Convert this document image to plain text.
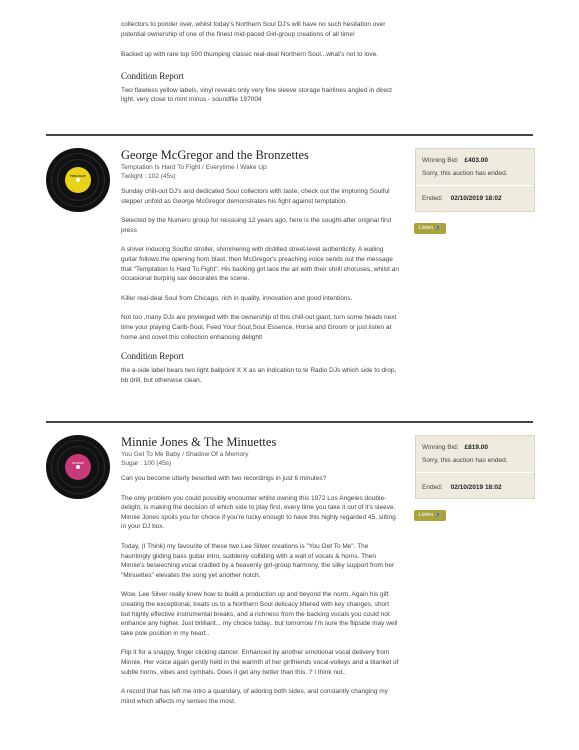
collectors to ponder over, whilst today's Northern Soul DJ's will have no such hesitation over potential ownership of one of the finest mid-paced Girl-group creations of all time!

Backed up with rare top 500 thumping classic real-deal Northern Soul...what's not to love.

Condition Report

Two flawless yellow labels, vinyl reveals only very fine sleeve storage hairlines angled in direct light. very close to mint minus - soundfile 197004

TWILIGHT
George McGregor and the Bronzettes

Temptation Is Hard To Fight / Everytime I Wake Up

Twilight : 102 (45s)

Sunday chill-out DJ's and dedicated Soul collectors with taste, check out the imploring Soulful stepper unfold as George McGregor demonstrates his fight against temptation.

Selected by the Numero group for reissuing 12 years ago, here is the sought-after original first press

A shiver inducing Soulful stroller, shimmering with distilled street-level authenticity. A wailing guitar follows the opening horn blast, then McGregor's preaching voice sends out the message that "Temptation Is Hard To Fight". His backing girl lace the air with their shrill choruses, whilst an occasional burping sax decorates the scene.

Killer real-deal Soul from Chicago, rich in quality, innovation and good intentions.

Not too ,many DJs are privileged with the ownership of this chill-out giant, turn some heads next time your playing Carib-Soul, Feed Your Soul,Soul Essence, Horse and Groom or just listen at home and covet this collection enhancing delight!

Condition Report

the a-side label bears two light ballpoint X X as an indication to te Radio DJs which side to drop, bb drill, but otherwise clean.

Winning Bid: £403.00
Sorry, this auction has ended.
Ended: 02/10/2019 18:02
Listen 🔊
SUGAR
Minnie Jones & The Minuettes

You Get To Me Baby / Shadow Of a Memory

Sugar : 100 (45s)

Can you become utterly besotted with two recordings in just 6 minutes?

The only problem you could possibly encounter whilst owning this 1972 Los Angeles double-delight, is making the decision of which side to play first, every time you take it out of it's sleeve.
Minnie Jones spoils you for choice if you're lucky enough to have this highly regarded 45, sitting in your DJ box.

Today, (I Think) my favourite of these two Lee Silver creations is "You Get To Me". The hauntingly gliding bass guitar intro, suddenly colliding with a wall of vocals & horns. Then Minnie's beseeching vocal cradled by a heavenly girl-group harmony, the silky support from her "Minuettes" elevates the song yet another notch.

Wow, Lee Silver really knew how to build a production up and beyond the norm. Again his gift creating the exceptional, treats us to a Northern Soul delicacy littered with key changes, short but highly effective instrumental breaks, and a richness from the backing vocals you could not enhance any higher. Just brilliant... my choice today.. but tomorrow I'm sure the flipside may well take pole position in my heart..

Flip it for a snappy, finger clicking dancer. Enhanced by another emotional vocal delivery from Minnie. Her voice again gently held in the warmth of her girlfriends vocal-volleys and a blanket of subtle horns, vibes and cymbals. Does it get any better than this..? I think not..

A record that has left me intro a quandary, of adoring both sides, and constantly changing my mind which affects my senses the most.

Winning Bid: £819.00
Sorry, this auction has ended.
Ended: 02/10/2019 18:02
Listen 🔊
